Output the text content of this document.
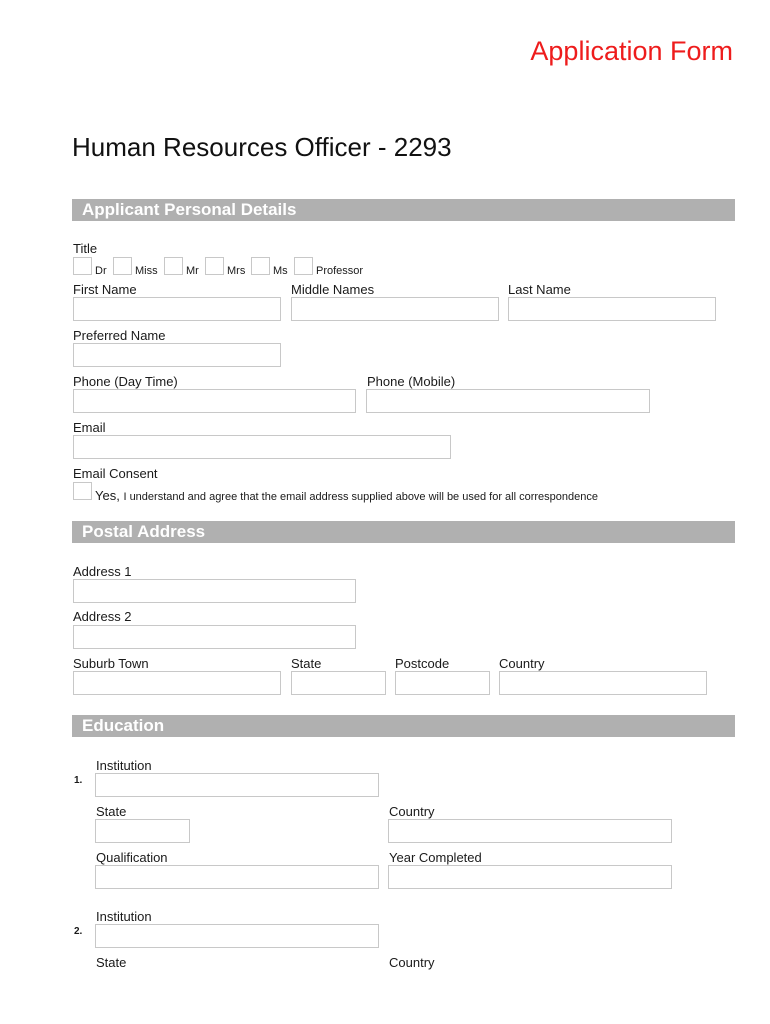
Application Form
Human Resources Officer - 2293
Applicant Personal Details
Title
Dr	Miss	Mr	Mrs	Ms	Professor
First Name	Middle Names	Last Name
Preferred Name
Phone (Day Time)	Phone (Mobile)
Email
Email Consent
Yes, I understand and agree that the email address supplied above will be used for all correspondence
Postal Address
Address 1
Address 2
Suburb Town	State	Postcode	Country
Education
1.
Institution
State	Country
Qualification	Year Completed
2.
Institution
State	Country
